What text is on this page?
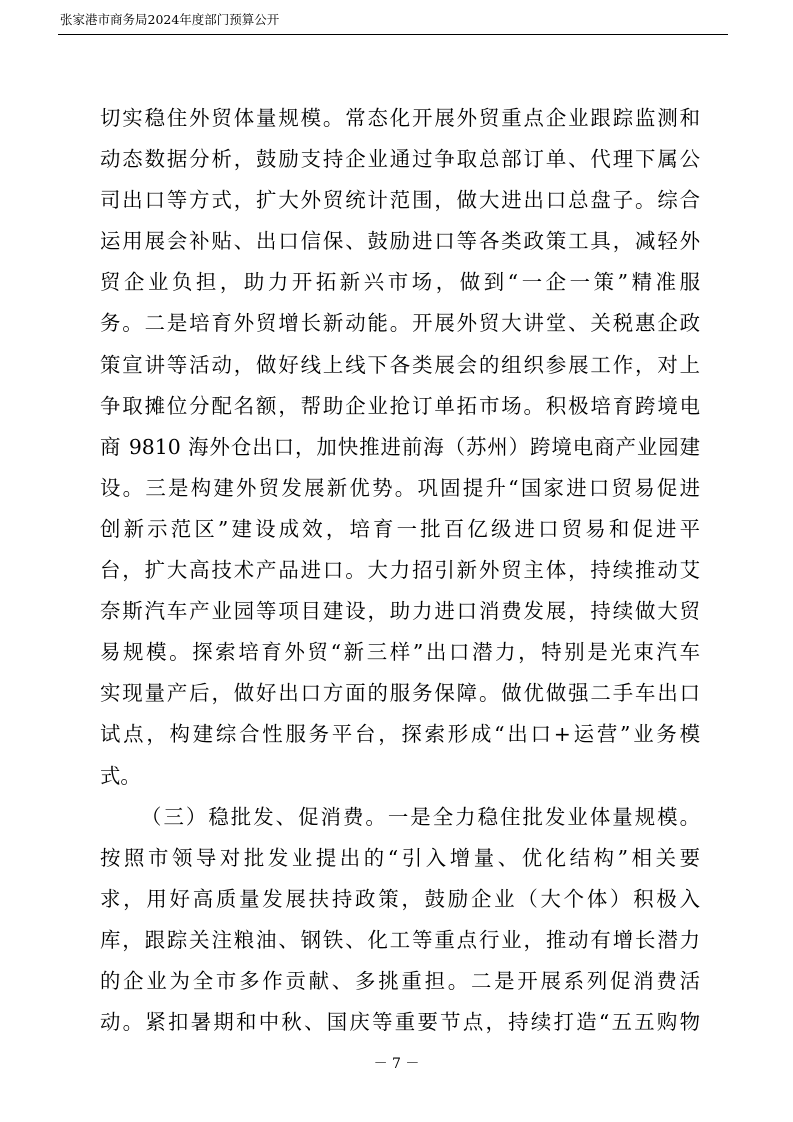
张家港市商务局2024年度部门预算公开
切实稳住外贸体量规模。常态化开展外贸重点企业跟踪监测和
动态数据分析，鼓励支持企业通过争取总部订单、代理下属公
司出口等方式，扩大外贸统计范围，做大进出口总盘子。综合
运用展会补贴、出口信保、鼓励进口等各类政策工具，减轻外
贸企业负担，助力开拓新兴市场，做到“一企一策”精准服
务。二是培育外贸增长新动能。开展外贸大讲堂、关税惠企政
策宣讲等活动，做好线上线下各类展会的组织参展工作，对上
争取摊位分配名额，帮助企业抢订单拓市场。积极培育跨境电
商 9810 海外仓出口，加快推进前海（苏州）跨境电商产业园建
设。三是构建外贸发展新优势。巩固提升“国家进口贸易促进
创新示范区”建设成效，培育一批百亿级进口贸易和促进平
台，扩大高技术产品进口。大力招引新外贸主体，持续推动艾
奈斯汽车产业园等项目建设，助力进口消费发展，持续做大贸
易规模。探索培育外贸“新三样”出口潜力，特别是光束汽车
实现量产后，做好出口方面的服务保障。做优做强二手车出口
试点，构建综合性服务平台，探索形成“出口+运营”业务模
式。
（三）稳批发、促消费。一是全力稳住批发业体量规模。
按照市领导对批发业提出的“引入增量、优化结构”相关要
求，用好高质量发展扶持政策，鼓励企业（大个体）积极入
库，跟踪关注粮油、钢铁、化工等重点行业，推动有增长潜力
的企业为全市多作贡献、多挑重担。二是开展系列促消费活
动。紧扣暑期和中秋、国庆等重要节点，持续打造“五五购物
－ 7 －
